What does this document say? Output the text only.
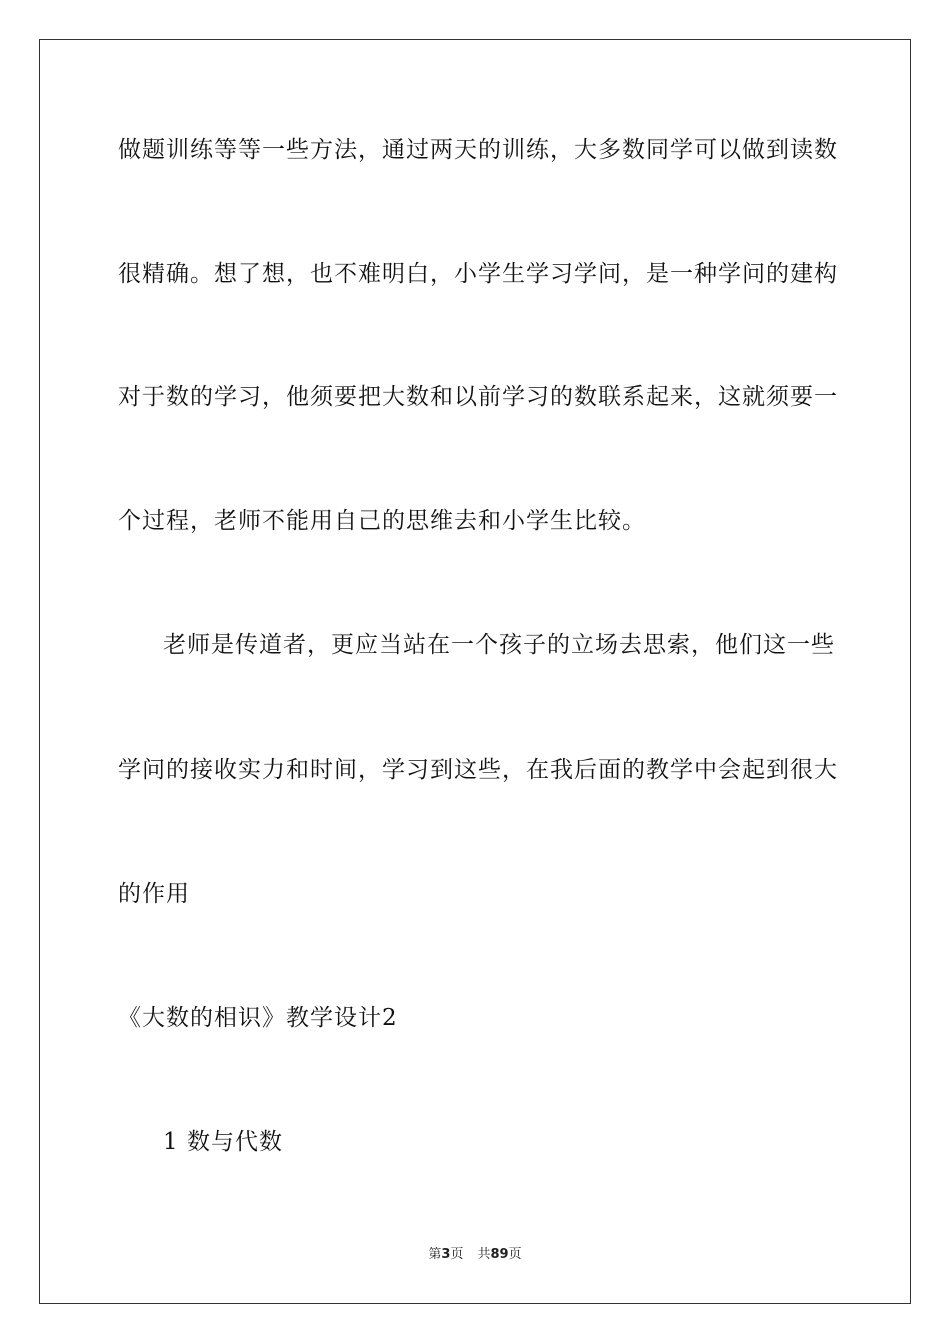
做题训练等等一些方法，通过两天的训练，大多数同学可以做到读数
很精确。想了想，也不难明白，小学生学习学问，是一种学问的建构
对于数的学习，他须要把大数和以前学习的数联系起来，这就须要一
个过程，老师不能用自己的思维去和小学生比较。
老师是传道者，更应当站在一个孩子的立场去思索，他们这一些
学问的接收实力和时间，学习到这些，在我后面的教学中会起到很大
的作用
《大数的相识》教学设计2
1 数与代数
第3页 共89页
